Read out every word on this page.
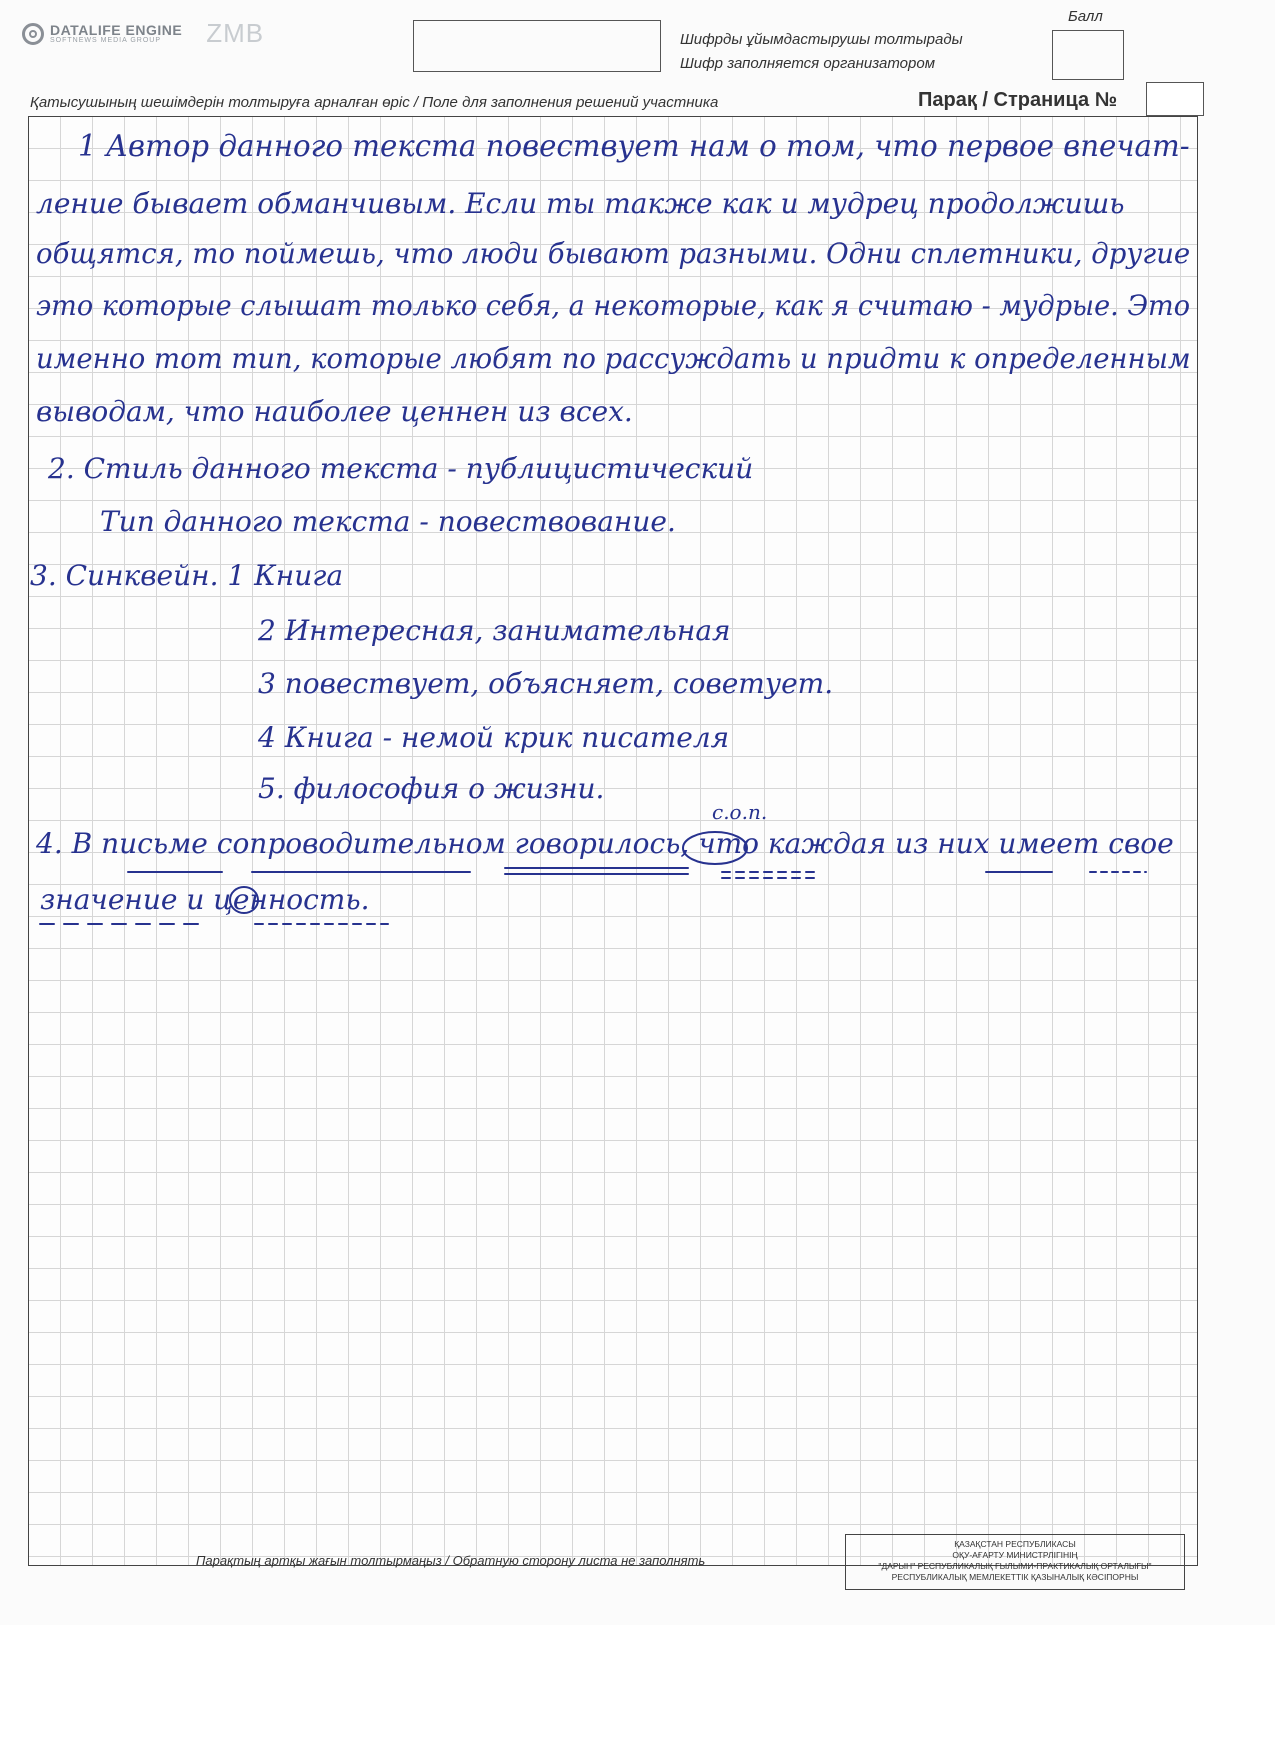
DATALIFE ENGINE
SOFTNEWS MEDIA GROUP	ZMB	Шифрды ұйымдастырушы толтырады
Шифр заполняется организатором
Балл
Қатысушының шешімдерін толтыруға арналған өріс / Поле для заполнения решений участника	Парақ / Страница №
1 Автор данного текста повествует нам о том, что первое впечат-
ление бывает обманчивым. Если ты также как и мудрец продолжишь
общятся, то поймешь, что люди бывают разными. Одни сплетники, другие
это которые слышат только себя, а некоторые, как я считаю - мудрые. Это
именно тот тип, которые любят по рассуждать и придти к определенным
выводам, что наиболее ценнен из всех.
2. Стиль данного текста - публицистический
Тип данного текста - повествование.
3. Синквейн. 1 Книга
2 Интересная, занимательная
3 повествует, объясняет, советует.
4 Книга - немой крик писателя
5. философия о жизни.
с.о.п.
4. В письме сопроводительном говорилось, что каждая из них имеет свое
значение и ценность.
Парақтың артқы жағын толтырмаңыз / Обратную сторону листа не заполнять
ҚАЗАҚСТАН РЕСПУБЛИКАСЫ
ОҚУ-АҒАРТУ МИНИСТРЛІГІНІҢ
"ДАРЫН" РЕСПУБЛИКАЛЫҚ ҒЫЛЫМИ-ПРАКТИКАЛЫҚ ОРТАЛЫҒЫ"
РЕСПУБЛИКАЛЫҚ МЕМЛЕКЕТТІК ҚАЗЫНАЛЫҚ КӘСІПОРНЫ
